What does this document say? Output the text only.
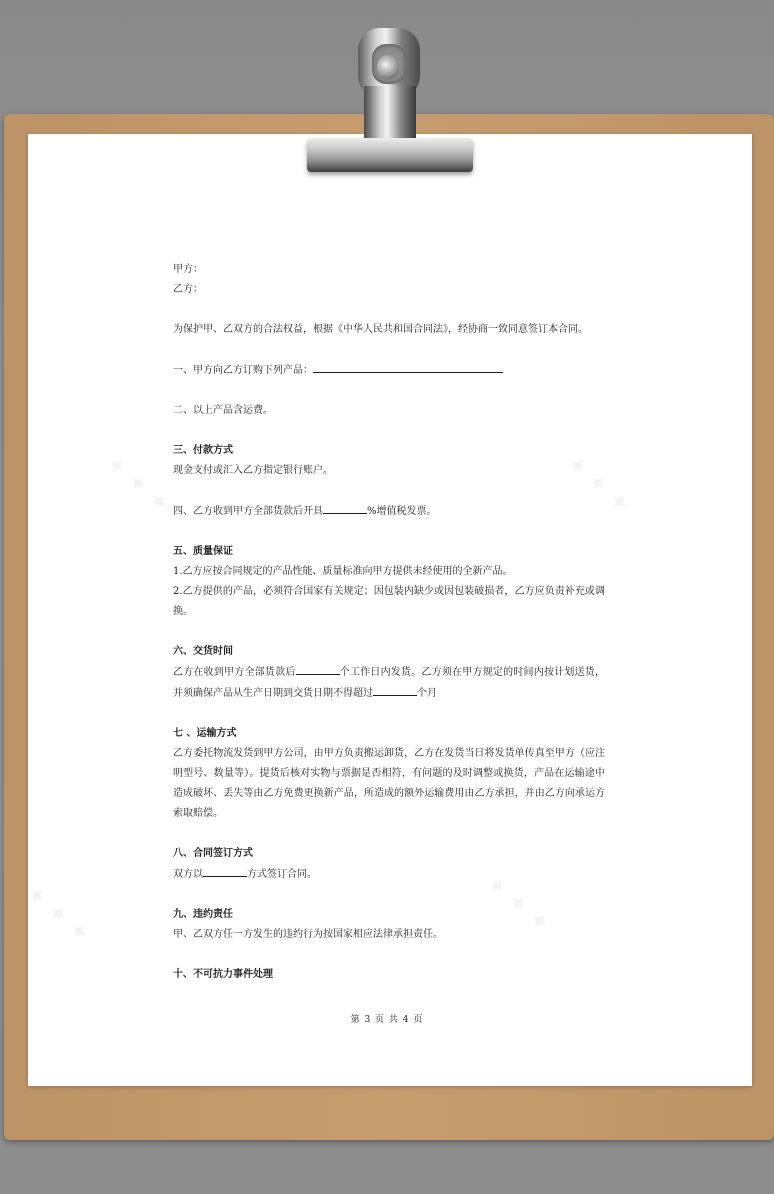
甲方：

乙方：

为保护甲、乙双方的合法权益，根据《中华人民共和国合同法》，经协商一致同意签订本合同。

一、甲方向乙方订购下列产品：

二、以上产品含运费。

三、付款方式

现金支付或汇入乙方指定银行账户。

四、乙方收到甲方全部货款后开具	%增值税发票。

五、质量保证

1.乙方应按合同规定的产品性能、质量标准向甲方提供未经使用的全新产品。

2.乙方提供的产品，必须符合国家有关规定；因包装内缺少或因包装破损者，乙方应负责补充或调换。

六、交货时间

乙方在收到甲方全部货款后	个工作日内发货。乙方须在甲方规定的时间内按计划送货，并须确保产品从生产日期到交货日期不得超过	个月

七 、运输方式

乙方委托物流发货到甲方公司，由甲方负责搬运卸货，乙方在发货当日将发货单传真至甲方（应注明型号、数量等）。提货后核对实物与票据是否相符，有问题的及时调整或换货，产品在运输途中造成破坏、丢失等由乙方免费更换新产品，所造成的额外运输费用由乙方承担，并由乙方向承运方索取赔偿。

八、合同签订方式

双方以	方式签订合同。

九、违约责任

甲、乙双方任一方发生的违约行为按国家相应法律承担责任。

十、不可抗力事件处理

第 3 页 共 4 页
